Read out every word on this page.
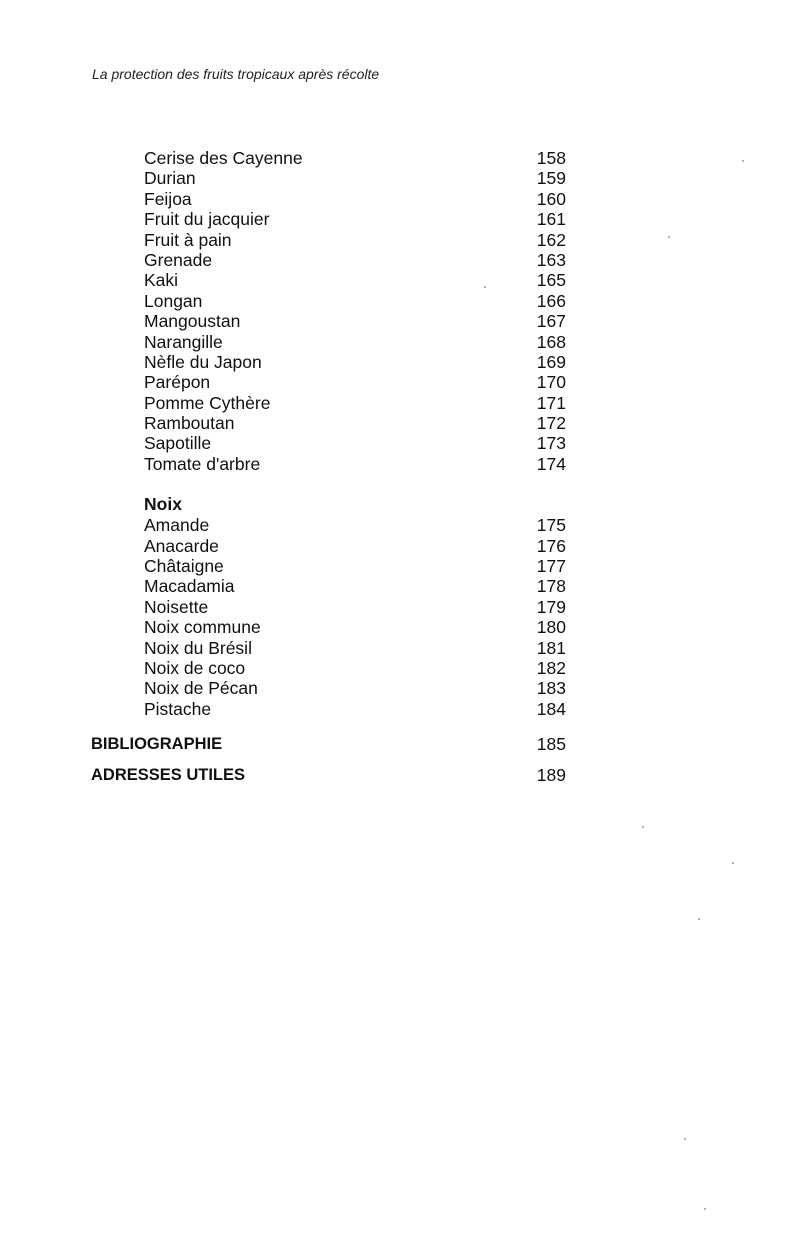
La protection des fruits tropicaux après récolte
Cerise des Cayenne	158
Durian	159
Feijoa	160
Fruit du jacquier	161
Fruit à pain	162
Grenade	163
Kaki	165
Longan	166
Mangoustan	167
Narangille	168
Nèfle du Japon	169
Parépon	170
Pomme Cythère	171
Ramboutan	172
Sapotille	173
Tomate d'arbre	174
Noix
Amande	175
Anacarde	176
Châtaigne	177
Macadamia	178
Noisette	179
Noix commune	180
Noix du Brésil	181
Noix de coco	182
Noix de Pécan	183
Pistache	184
BIBLIOGRAPHIE	185
ADRESSES UTILES	189
